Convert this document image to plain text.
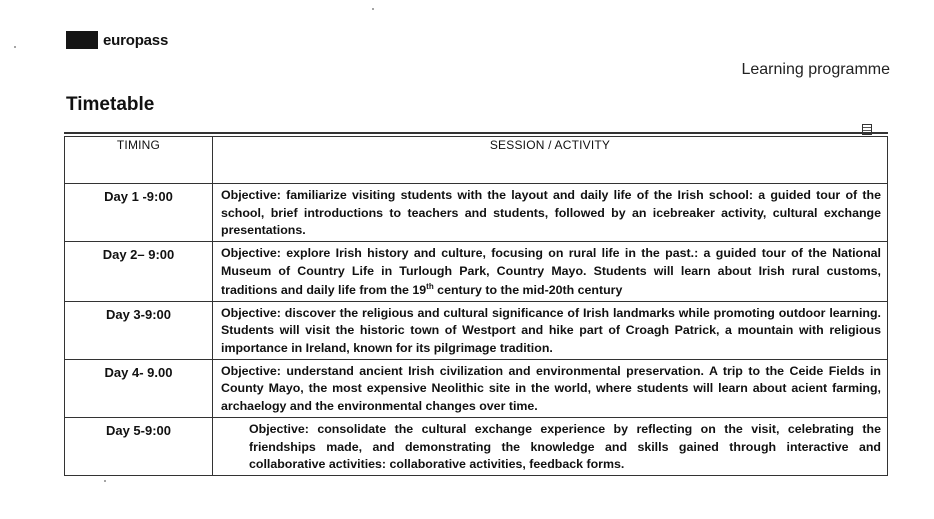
europass
Learning programme
Timetable
TIMING	SESSION / ACTIVITY
Day 1 -9:00	Objective: familiarize visiting students with the layout and daily life of the Irish school: a guided tour of the school, brief introductions to teachers and students, followed by an icebreaker activity, cultural exchange presentations.
Day 2– 9:00	Objective: explore Irish history and culture, focusing on rural life in the past.: a guided tour of the National Museum of Country Life in Turlough Park, Country Mayo. Students will learn about Irish rural customs, traditions and daily life from the 19th century to the mid-20th century
Day 3-9:00	Objective: discover the religious and cultural significance of Irish landmarks while promoting outdoor learning. Students will visit the historic town of Westport and hike part of Croagh Patrick, a mountain with religious importance in Ireland, known for its pilgrimage tradition.
Day 4- 9.00	Objective: understand ancient Irish civilization and environmental preservation. A trip to the Ceide Fields in County Mayo, the most expensive Neolithic site in the world, where students will learn about acient farming, archaelogy and the environmental changes over time.
Day 5-9:00	Objective: consolidate the cultural exchange experience by reflecting on the visit, celebrating the friendships made, and demonstrating the knowledge and skills gained through interactive and collaborative activities: collaborative activities, feedback forms.
